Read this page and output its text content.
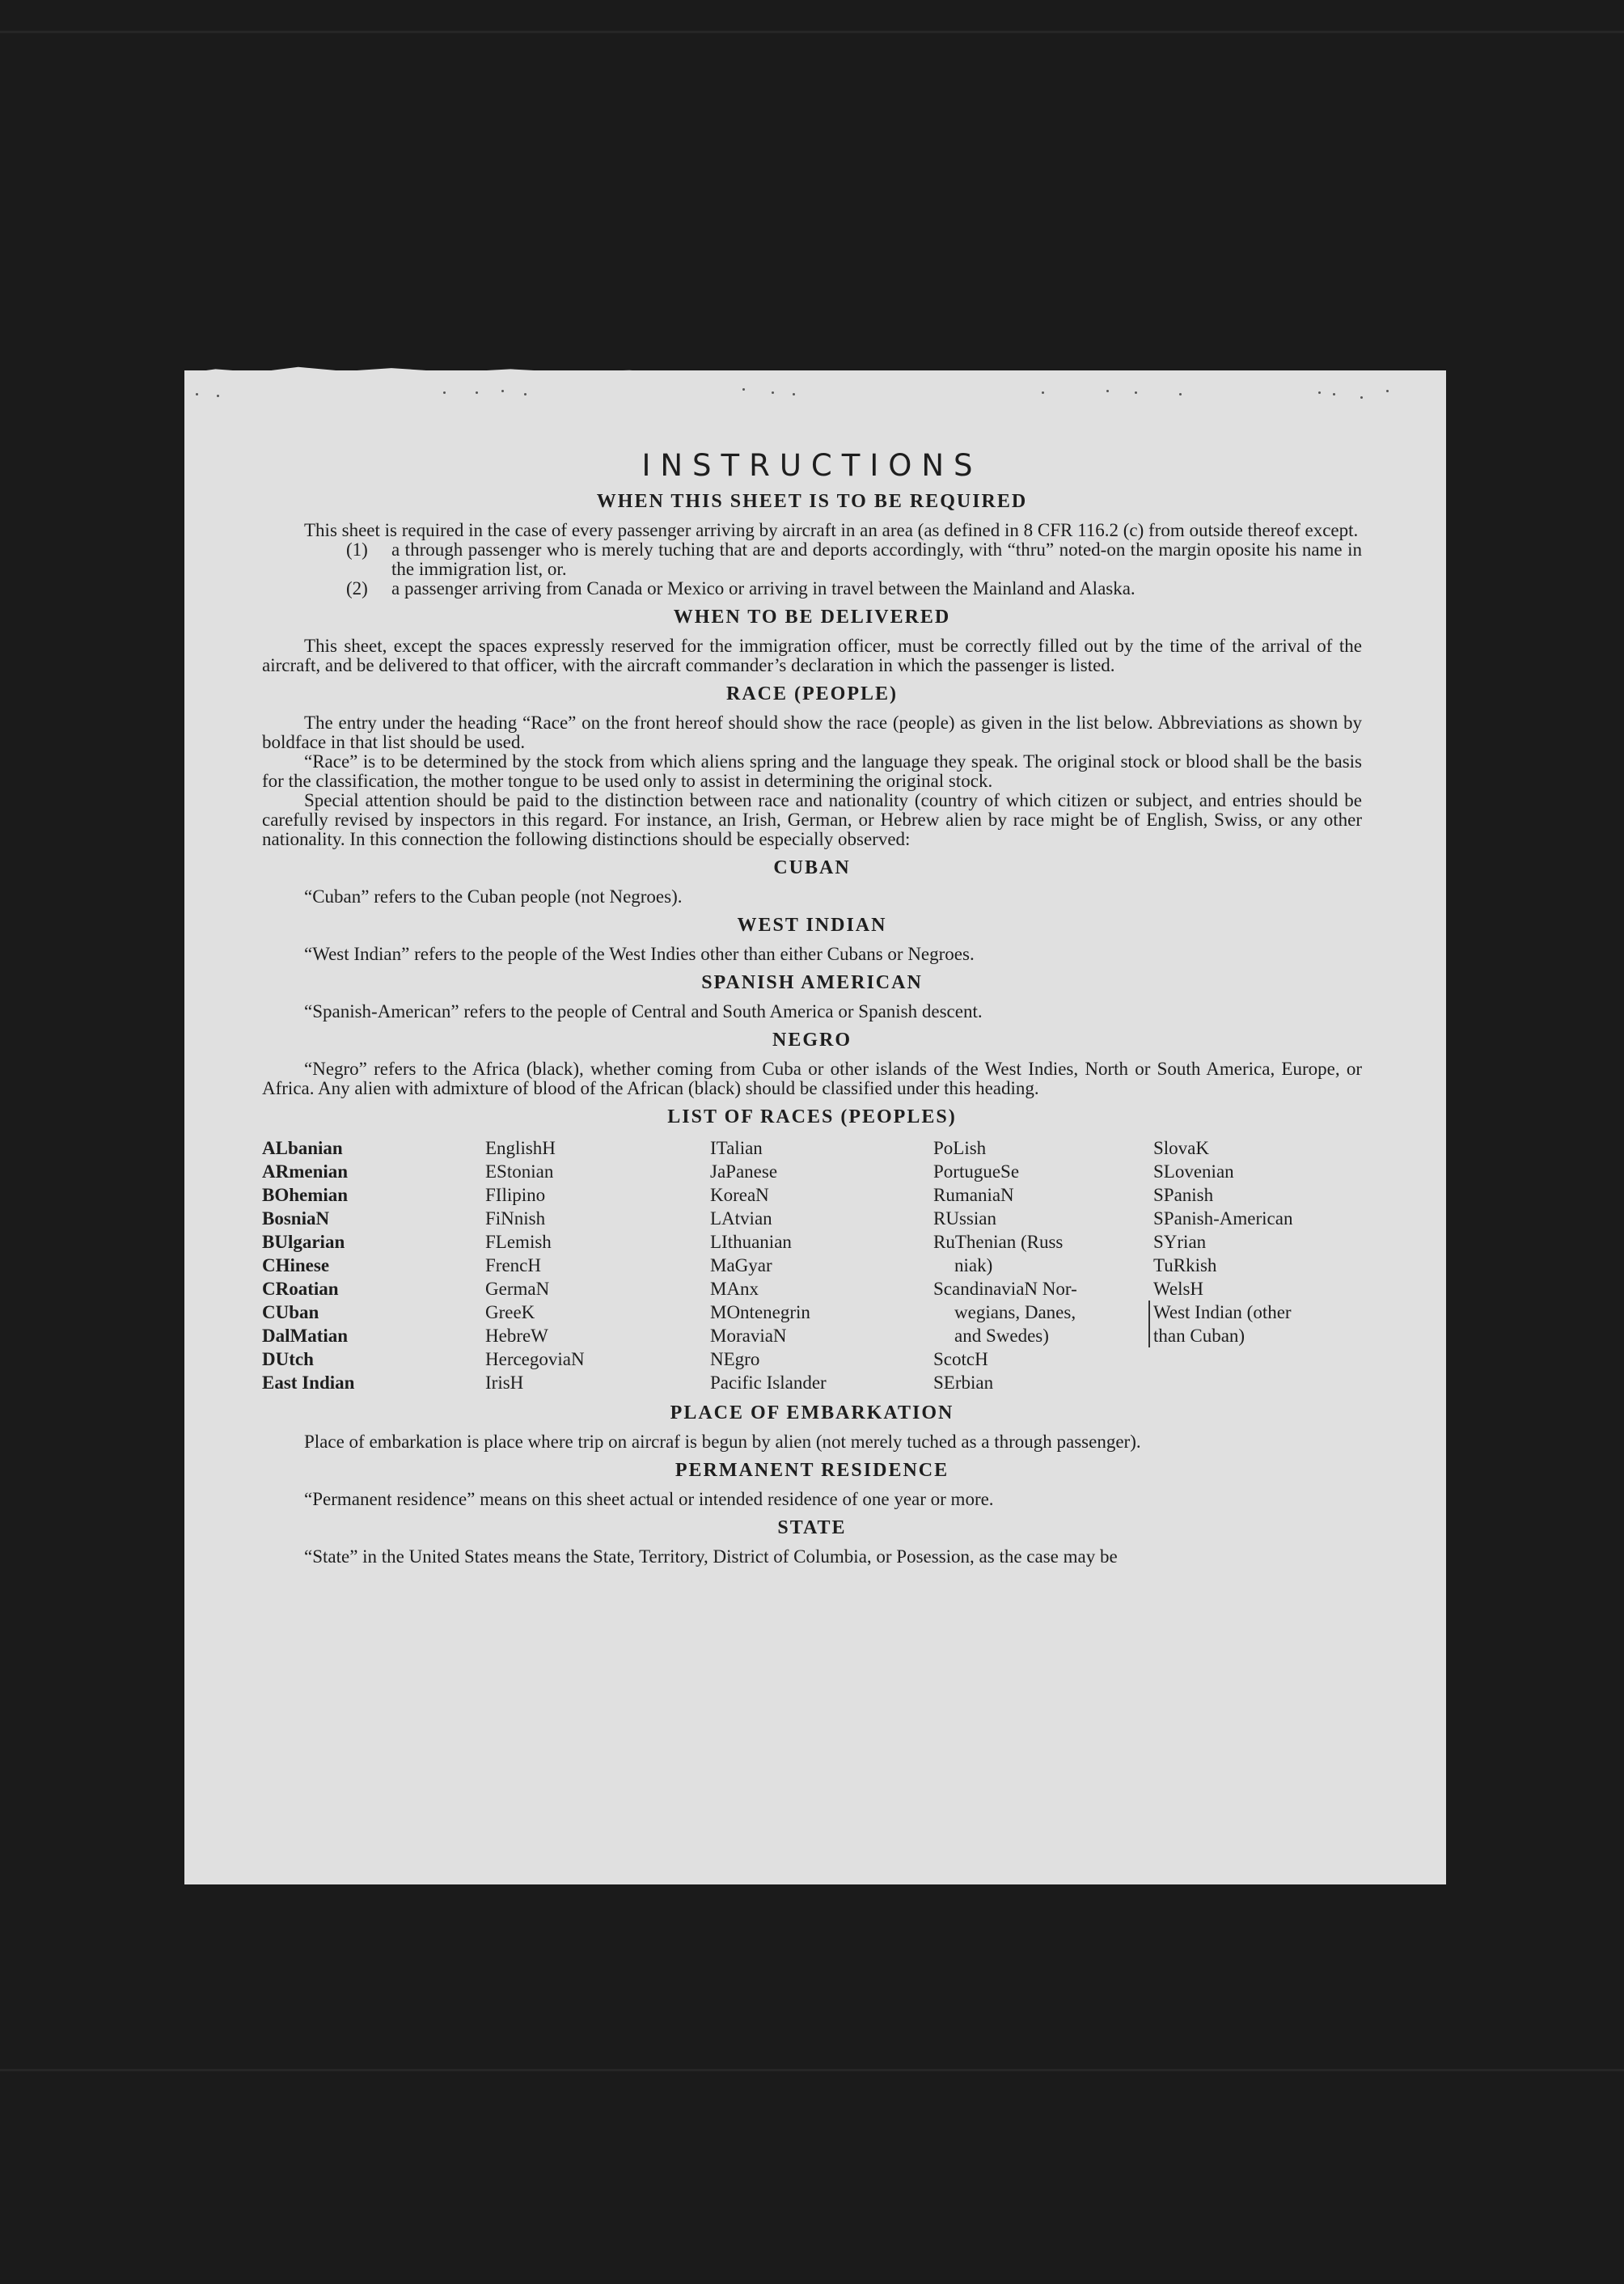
INSTRUCTIONS
WHEN THIS SHEET IS TO BE REQUIRED

This sheet is required in the case of every passenger arriving by aircraft in an area (as defined in 8 CFR 116.2 (c) from outside thereof except.

(1)	a through passenger who is merely tuching that are and deports accordingly, with “thru” noted-on the margin oposite his name in the immigration list, or.
(2)	a passenger arriving from Canada or Mexico or arriving in travel between the Mainland and Alaska.
WHEN TO BE DELIVERED

This sheet, except the spaces expressly reserved for the immigration officer, must be correctly filled out by the time of the arrival of the aircraft, and be delivered to that officer, with the aircraft commander’s declaration in which the passenger is listed.

RACE (PEOPLE)

The entry under the heading “Race” on the front hereof should show the race (people) as given in the list below. Abbreviations as shown by boldface in that list should be used.

“Race” is to be determined by the stock from which aliens spring and the language they speak. The original stock or blood shall be the basis for the classification, the mother tongue to be used only to assist in determining the original stock.

Special attention should be paid to the distinction between race and nationality (country of which citizen or subject, and entries should be carefully revised by inspectors in this regard. For instance, an Irish, German, or Hebrew alien by race might be of English, Swiss, or any other nationality. In this connection the following distinctions should be especially observed:

CUBAN
“Cuban” refers to the Cuban people (not Negroes).
WEST INDIAN
“West Indian” refers to the people of the West Indies other than either Cubans or Negroes.
SPANISH AMERICAN
“Spanish-American” refers to the people of Central and South America or Spanish descent.
NEGRO

“Negro” refers to the Africa (black), whether coming from Cuba or other islands of the West Indies, North or South America, Europe, or Africa. Any alien with admixture of blood of the African (black) should be classified under this heading.

LIST OF RACES (PEOPLES)
ALbanian
ARmenian
BOhemian
BosniaN
BUlgarian
CHinese
CRoatian
CUban
DalMatian
DUtch
East Indian
EnglishH
EStonian
FIlipino
FiNnish
FLemish
FrencH
GermaN
GreeK
HebreW
HercegoviaN
IrisH
ITalian
JaPanese
KoreaN
LAtvian
LIthuanian
MaGyar
MAnx
MOntenegrin
MoraviaN
NEgro
Pacific Islander
PoLish
PortugueSe
RumaniaN
RUssian
RuThenian (Russ
niak)
ScandinaviaN Nor-
wegians, Danes,
and Swedes)
ScotcH
SErbian
SlovaK
SLovenian
SPanish
SPanish-American
SYrian
TuRkish
WelsH
West Indian (other
than Cuban)
PLACE OF EMBARKATION

Place of embarkation is place where trip on aircraf is begun by alien (not merely tuched as a through passenger).

PERMANENT RESIDENCE
“Permanent residence” means on this sheet actual or intended residence of one year or more.
STATE
“State” in the United States means the State, Territory, District of Columbia, or Posession, as the case may be
